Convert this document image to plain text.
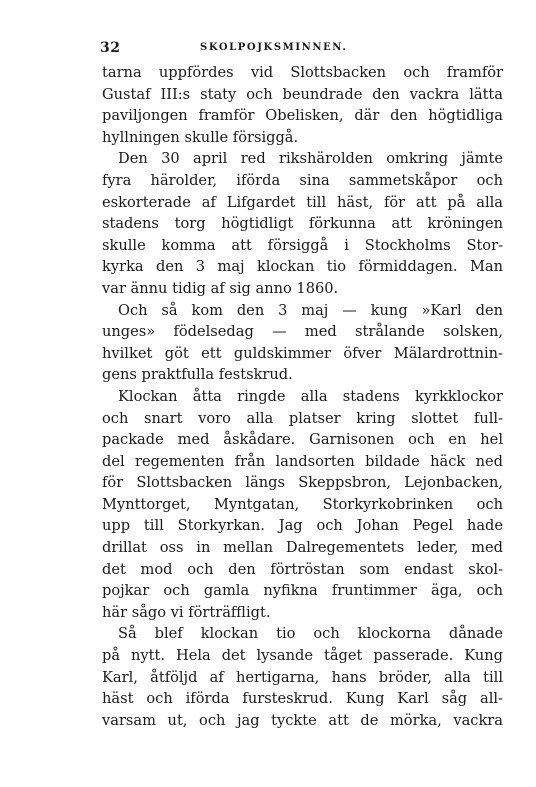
32	SKOLPOJKSMINNEN.
tarna uppfördes vid Slottsbacken och framför
Gustaf III:s staty och beundrade den vackra lätta
paviljongen framför Obelisken, där den högtidliga
hyllningen skulle försiggå.
Den 30 april red rikshärolden omkring jämte
fyra härolder, iförda sina sammetskåpor och
eskorterade af Lifgardet till häst, för att på alla
stadens torg högtidligt förkunna att kröningen
skulle komma att försiggå i Stockholms Stor-
kyrka den 3 maj klockan tio förmiddagen. Man
var ännu tidig af sig anno 1860.
Och så kom den 3 maj — kung »Karl den
unges» födelsedag — med strålande solsken,
hvilket göt ett guldskimmer öfver Mälardrottnin-
gens praktfulla festskrud.
Klockan åtta ringde alla stadens kyrkklockor
och snart voro alla platser kring slottet full-
packade med åskådare. Garnisonen och en hel
del regementen från landsorten bildade häck ned
för Slottsbacken längs Skeppsbron, Lejonbacken,
Mynttorget, Myntgatan, Storkyrkobrinken och
upp till Storkyrkan. Jag och Johan Pegel hade
drillat oss in mellan Dalregementets leder, med
det mod och den förtröstan som endast skol-
pojkar och gamla nyfikna fruntimmer äga, och
här sågo vi förträffligt.
Så blef klockan tio och klockorna dånade
på nytt. Hela det lysande tåget passerade. Kung
Karl, åtföljd af hertigarna, hans bröder, alla till
häst och iförda fursteskrud. Kung Karl såg all-
varsam ut, och jag tyckte att de mörka, vackra
